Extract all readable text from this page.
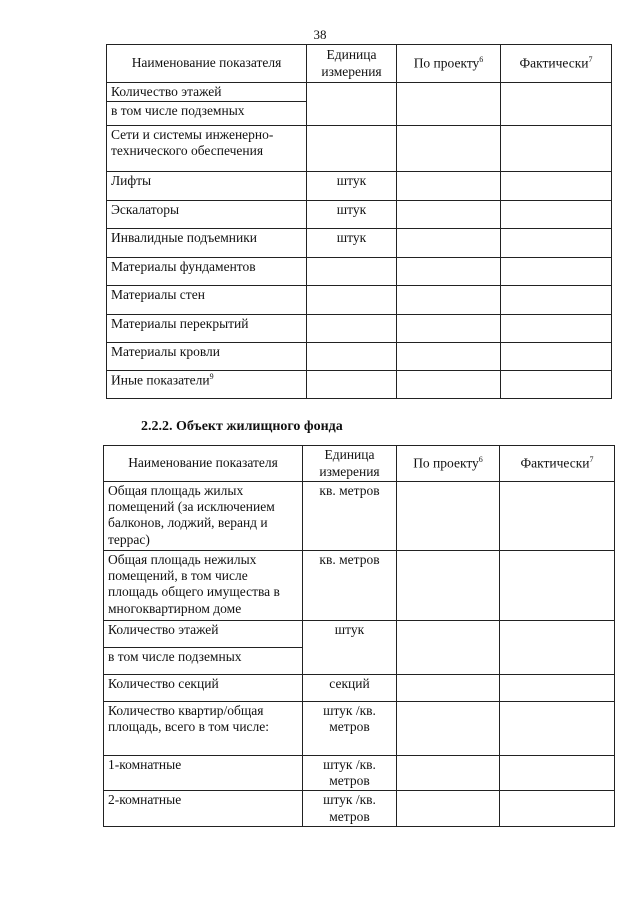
38
Наименование показателя	Единица измерения	По проекту$^6$	Фактически$^7$
Количество этажей			
в том числе подземных			
Сети и системы инженерно-технического обеспечения			
Лифты	штук		
Эскалаторы	штук		
Инвалидные подъемники	штук		
Материалы фундаментов			
Материалы стен			
Материалы перекрытий			
Материалы кровли			
Иные показатели$^9$			
2.2.2. Объект жилищного фонда
Наименование показателя	Единица измерения	По проекту$^6$	Фактически$^7$
Общая площадь жилых помещений (за исключением балконов, лоджий, веранд и террас)	кв. метров		
Общая площадь нежилых помещений, в том числе площадь общего имущества в многоквартирном доме	кв. метров		
Количество этажей	штук		
в том числе подземных			
Количество секций	секций		
Количество квартир/общая площадь, всего в том числе:	штук /кв. метров		
1-комнатные	штук /кв. метров		
2-комнатные	штук /кв. метров		
